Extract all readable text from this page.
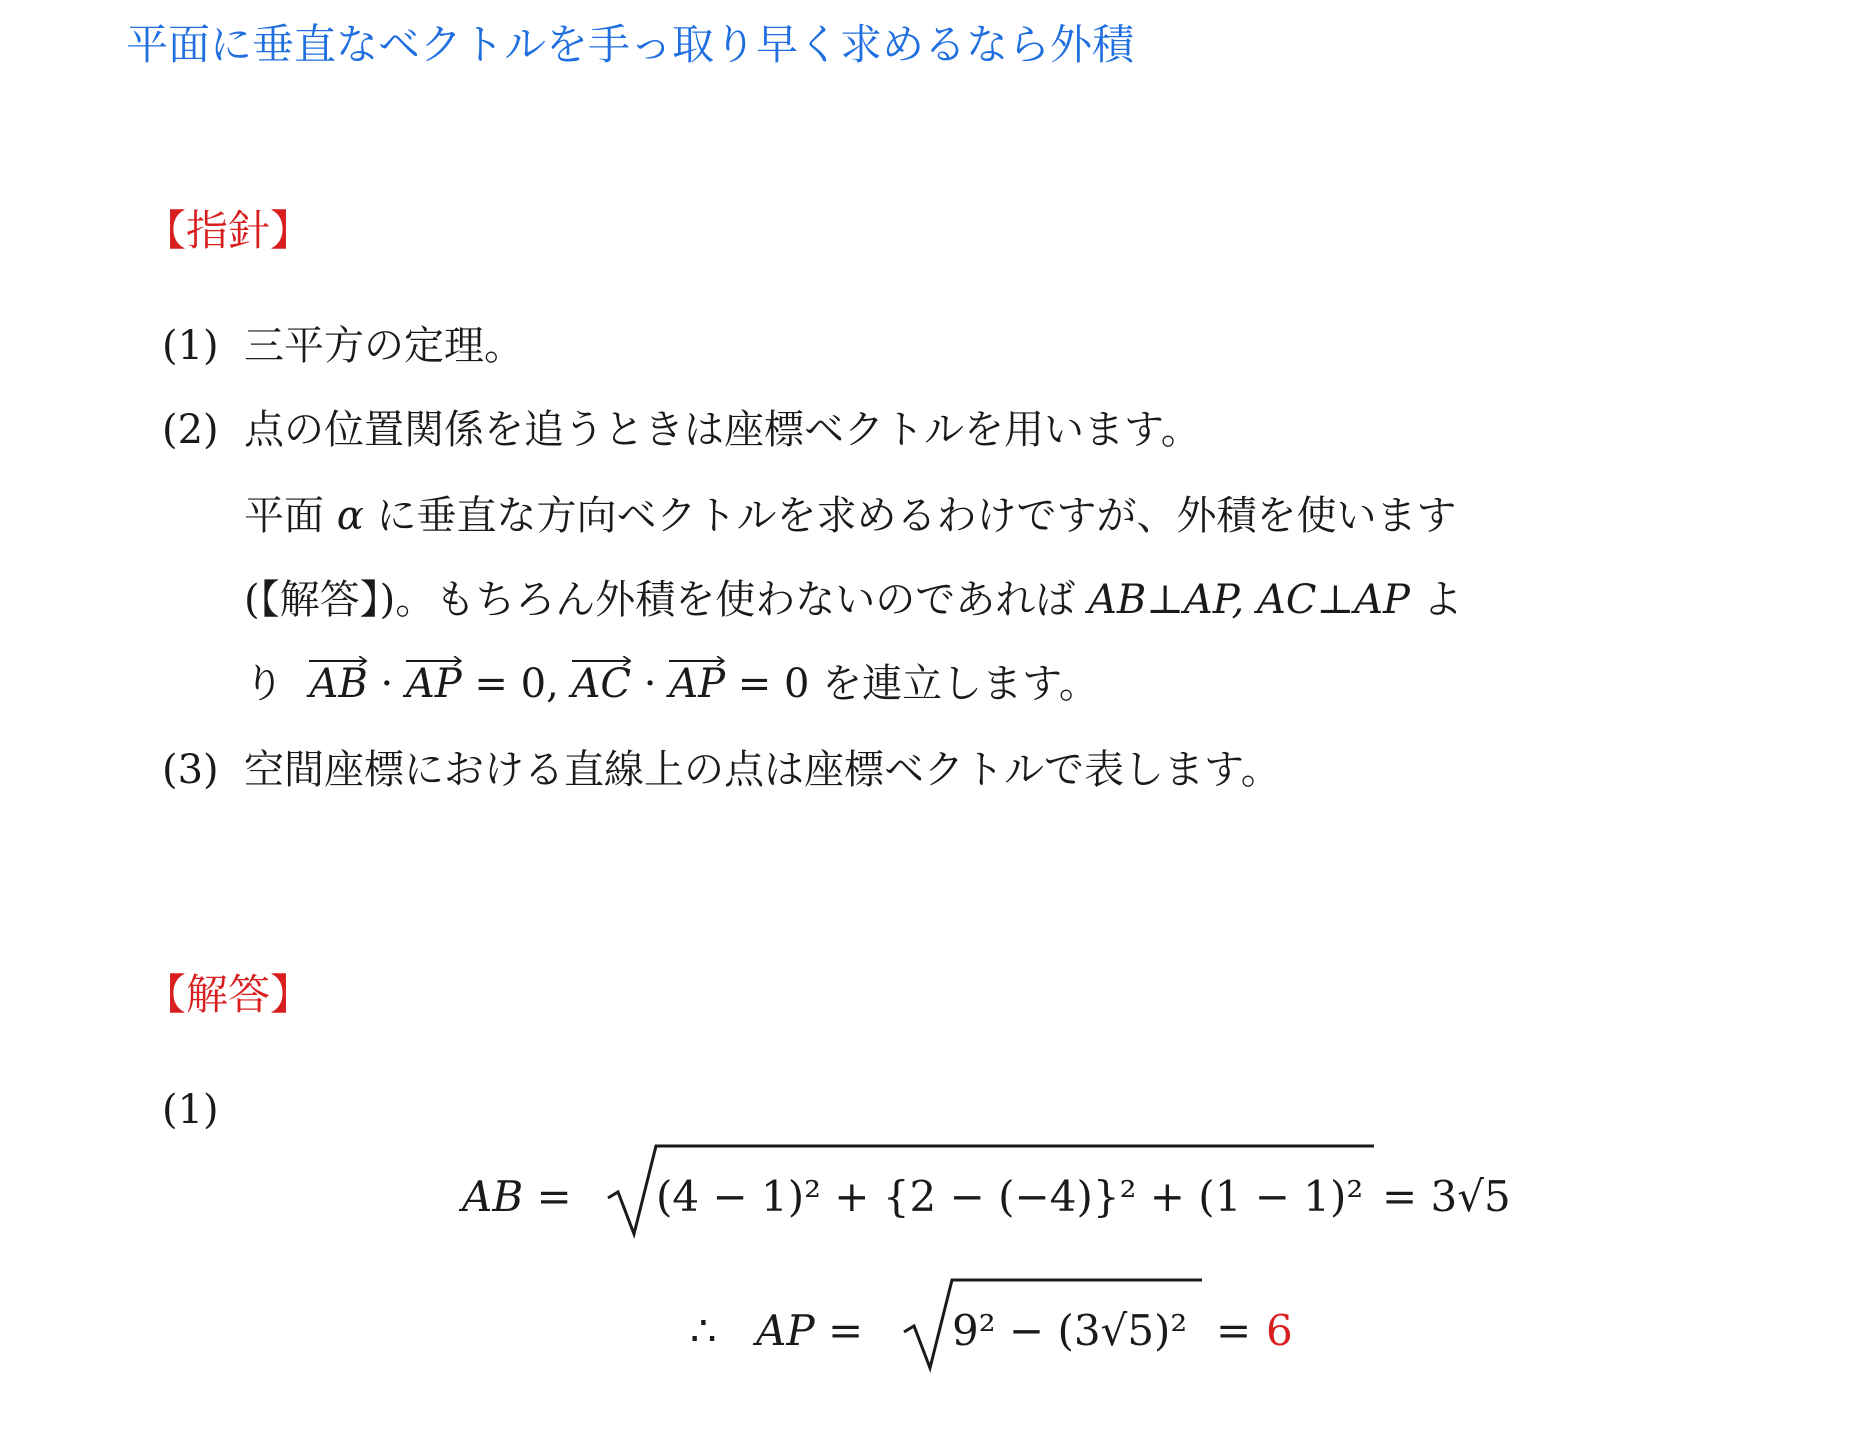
平面に垂直なベクトルを手っ取り早く求めるなら外積
【指針】
(1) 三平方の定理。
(2) 点の位置関係を追うときは座標ベクトルを用います。
平面 α に垂直な方向ベクトルを求めるわけですが、外積を使います
(【解答】)。もちろん外積を使わないのであれば AB⊥AP, AC⊥AP よ
り AB · AP = 0, AC · AP = 0 を連立します。
(3) 空間座標における直線上の点は座標ベクトルで表します。
【解答】
(1)
AB = (4 − 1)² + {2 − (−4)}² + (1 − 1)² = 3√5
∴ AP = 9² − (3√5)² = 6
